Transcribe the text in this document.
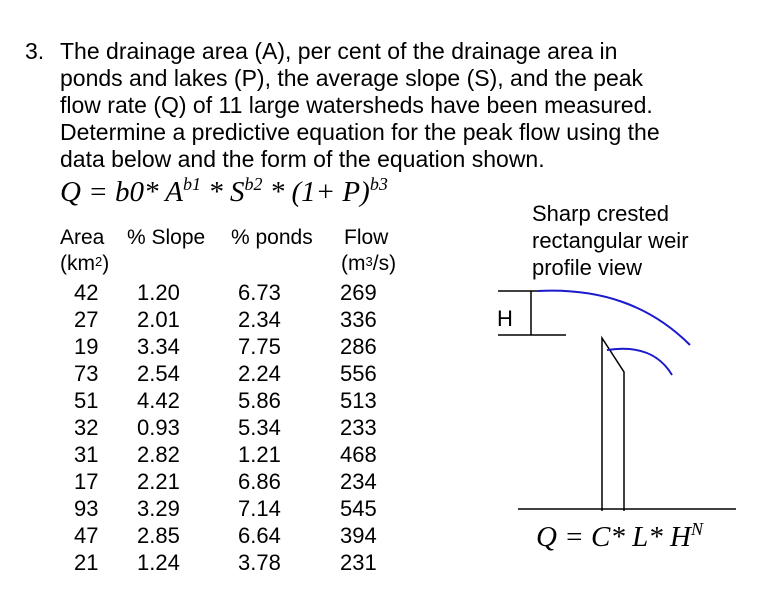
3. The drainage area (A), per cent of the drainage area in
ponds and lakes (P), the average slope (S), and the peak
flow rate (Q) of 11 large watersheds have been measured.
Determine a predictive equation for the peak flow using the
data below and the form of the equation shown.
Q = b0* $A^{b1} * S^{b2} * (1+ P)^{b3}$
Area % Slope % ponds Flow
$(km^2)$	$(m^3/s)$
42 1.20	6.73	269
27 2.01	2.34	336
19 3.34	7.75	286
73 2.54	2.24	556
51 4.42	5.86	513
32 0.93	5.34	233
31 2.82	1.21	468
17 2.21	6.86	234
93 3.29	7.14	545
47 2.85	6.64	394
21 1.24	3.78	231
Sharp crested
rectangular weir
profile view
H
Q = C* L* $H^N$
